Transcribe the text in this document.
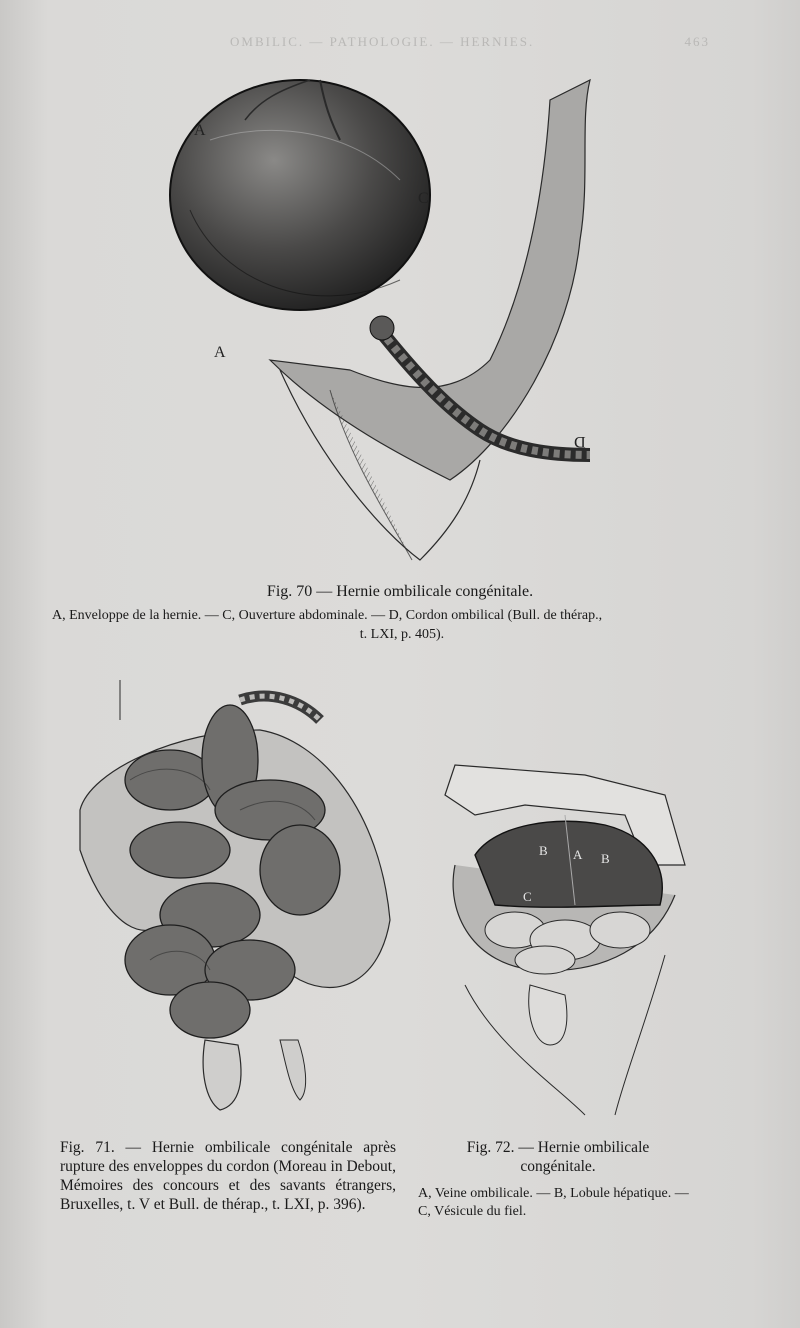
OMBILIC. — PATHOLOGIE. — HERNIES.	463
A
A
C
D
Fig. 70 — Hernie ombilicale congénitale.
A, Enveloppe de la hernie. — C, Ouverture abdominale. — D, Cordon ombilical (Bull. de thérap.,
t. LXI, p. 405).
B A B
C
Fig. 71. — Hernie ombilicale congénitale après rupture des enveloppes du cordon (Moreau in Debout, Mémoires des concours et des savants étrangers, Bruxelles, t. V et Bull. de thérap., t. LXI, p. 396).
Fig. 72. — Hernie ombilicale congénitale.
A, Veine ombilicale. — B, Lobule hépatique. —
C, Vésicule du fiel.
